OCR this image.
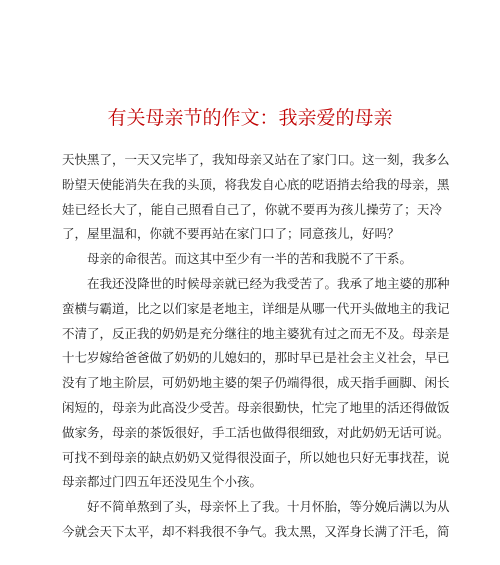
有关母亲节的作文：我亲爱的母亲

天快黑了，一天又完毕了，我知母亲又站在了家门口。这一刻，我多么
盼望天使能消失在我的头顶，将我发自心底的呓语捎去给我的母亲，黑
娃已经长大了，能自己照看自己了，你就不要再为孩儿操劳了；天冷
了，屋里温和，你就不要再站在家门口了；同意孩儿，好吗？

　　母亲的命很苦。而这其中至少有一半的苦和我脱不了干系。

　　在我还没降世的时候母亲就已经为我受苦了。我承了地主婆的那种
蛮横与霸道，比之以们家是老地主，详细是从哪一代开头做地主的我记
不清了，反正我的奶奶是充分继往的地主婆犹有过之而无不及。母亲是
十七岁嫁给爸爸做了奶奶的儿媳妇的，那时早已是社会主义社会，早已
没有了地主阶层，可奶奶地主婆的架子仍端得很，成天指手画脚、闲长
闲短的，母亲为此高没少受苦。母亲很勤快，忙完了地里的活还得做饭
做家务，母亲的茶饭很好，手工活也做得很细致，对此奶奶无话可说。
可找不到母亲的缺点奶奶又觉得很没面子，所以她也只好无事找茬，说
母亲都过门四五年还没见生个小孩。

　　好不简单熬到了头，母亲怀上了我。十月怀胎，等分娩后满以为从
今就会天下太平，却不料我很不争气。我太黑，又浑身长满了汗毛，简
